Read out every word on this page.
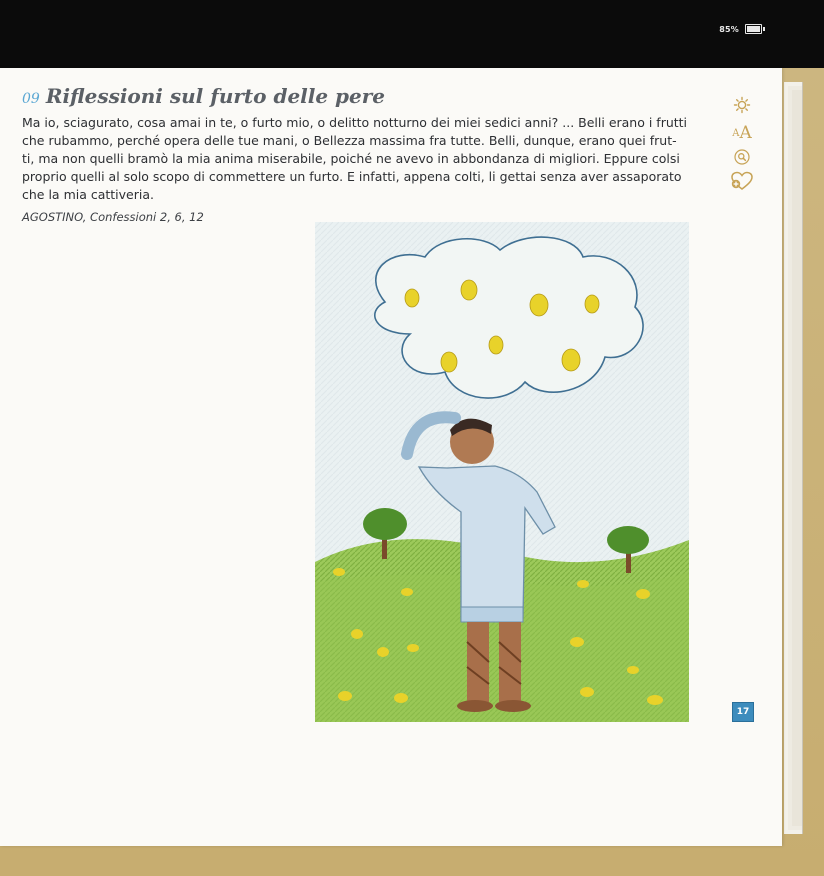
85%
09 Riflessioni sul furto delle pere

Ma io, sciagurato, cosa amai in te, o furto mio, o delitto notturno dei miei sedici anni? ... Belli erano i frutti
che rubammo, perché opera delle tue mani, o Bellezza massima fra tutte. Belli, dunque, erano quei frut-
ti, ma non quelli bramò la mia anima miserabile, poiché ne avevo in abbondanza di migliori. Eppure colsi
proprio quelli al solo scopo di commettere un furto. E infatti, appena colti, li gettai senza aver assaporato
che la mia cattiveria.

AGOSTINO, Confessioni 2, 6, 12
A A
17
